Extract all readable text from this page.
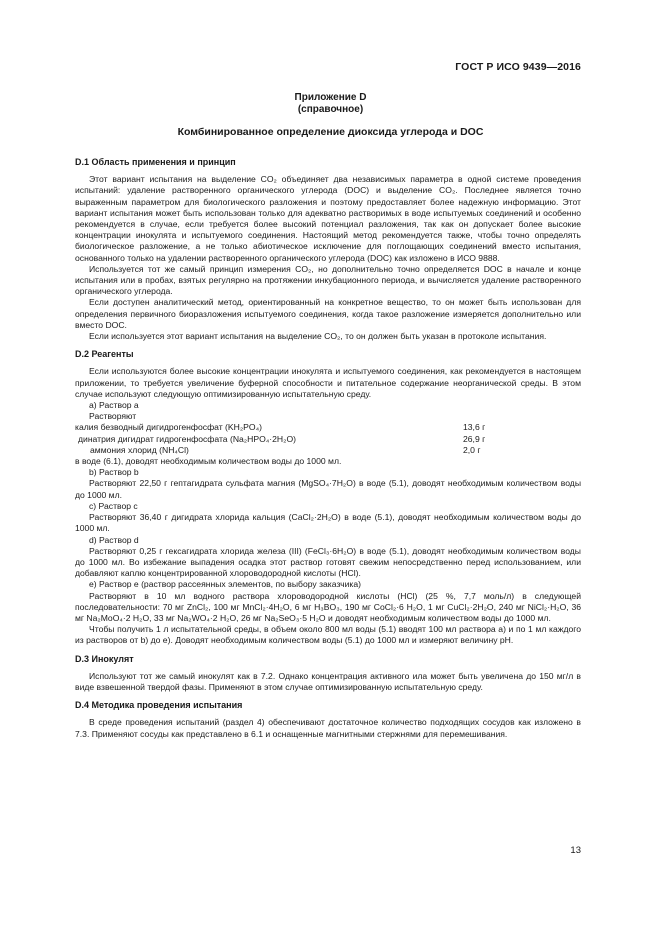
ГОСТ Р ИСО 9439—2016
Приложение D
(справочное)
Комбинированное определение диоксида углерода и DOC

D.1 Область применения и принцип

Этот вариант испытания на выделение CO₂ объединяет два независимых параметра в одной системе проведения испытаний: удаление растворенного органического углерода (DOC) и выделение CO₂. Последнее является точно выраженным параметром для биологического разложения и поэтому предоставляет более надежную информацию. Этот вариант испытания может быть использован только для адекватно растворимых в воде испытуемых соединений и особенно рекомендуется в случае, если требуется более высокий потенциал разложения, так как он допускает более высокие концентрации инокулята и испытуемого соединения. Настоящий метод рекомендуется также, чтобы точно определять биологическое разложение, а не только абиотическое исключение для поглощающих соединений вместо испытания, основанного только на удалении растворенного органического углерода (DOC) как изложено в ИСО 9888.

Используется тот же самый принцип измерения CO₂, но дополнительно точно определяется DOC в начале и конце испытания или в пробах, взятых регулярно на протяжении инкубационного периода, и вычисляется удаление растворенного органического углерода.

Если доступен аналитический метод, ориентированный на конкретное вещество, то он может быть использован для определения первичного биоразложения испытуемого соединения, когда такое разложение измеряется дополнительно или вместо DOC.

Если используется этот вариант испытания на выделение CO₂, то он должен быть указан в протоколе испытания.

D.2 Реагенты

Если используются более высокие концентрации инокулята и испытуемого соединения, как рекомендуется в настоящем приложении, то требуется увеличение буферной способности и питательное содержание неорганической среды. В этом случае используют следующую оптимизированную испытательную среду.

a) Раствор a

Растворяют

калия безводный дигидрогенфосфат (KH₂PO₄)	13,6 г
динатрия дигидрат гидрогенфосфата (Na₂HPO₄·2H₂O)	26,9 г
аммония хлорид (NH₄Cl)	2,0 г

в воде (6.1), доводят необходимым количеством воды до 1000 мл.

b) Раствор b

Растворяют 22,50 г гептагидрата сульфата магния (MgSO₄·7H₂O) в воде (5.1), доводят необходимым количеством воды до 1000 мл.

c) Раствор c

Растворяют 36,40 г дигидрата хлорида кальция (CaCl₂·2H₂O) в воде (5.1), доводят необходимым количеством воды до 1000 мл.

d) Раствор d

Растворяют 0,25 г гексагидрата хлорида железа (III) (FeCl₃·6H₂O) в воде (5.1), доводят необходимым количеством воды до 1000 мл. Во избежание выпадения осадка этот раствор готовят свежим непосредственно перед использованием, или добавляют каплю концентрированной хлороводородной кислоты (HCl).

e) Раствор e (раствор рассеянных элементов, по выбору заказчика)

Растворяют в 10 мл водного раствора хлороводородной кислоты (HCl) (25 %, 7,7 моль/л) в следующей последовательности: 70 мг ZnCl₂, 100 мг MnCl₂·4H₂O, 6 мг H₃BO₃, 190 мг CoCl₂·6 H₂O, 1 мг CuCl₂·2H₂O, 240 мг NiCl₂·H₂O, 36 мг Na₂MoO₄·2 H₂O, 33 мг Na₂WO₄·2 H₂O, 26 мг Na₂SeO₃·5 H₂O и доводят необходимым количеством воды до 1000 мл.

Чтобы получить 1 л испытательной среды, в объем около 800 мл воды (5.1) вводят 100 мл раствора a) и по 1 мл каждого из растворов от b) до e). Доводят необходимым количеством воды (5.1) до 1000 мл и измеряют величину pH.

D.3 Инокулят

Используют тот же самый инокулят как в 7.2. Однако концентрация активного ила может быть увеличена до 150 мг/л в виде взвешенной твердой фазы. Применяют в этом случае оптимизированную испытательную среду.

D.4 Методика проведения испытания

В среде проведения испытаний (раздел 4) обеспечивают достаточное количество подходящих сосудов как изложено в 7.3. Применяют сосуды как представлено в 6.1 и оснащенные магнитными стержнями для перемешивания.

13
